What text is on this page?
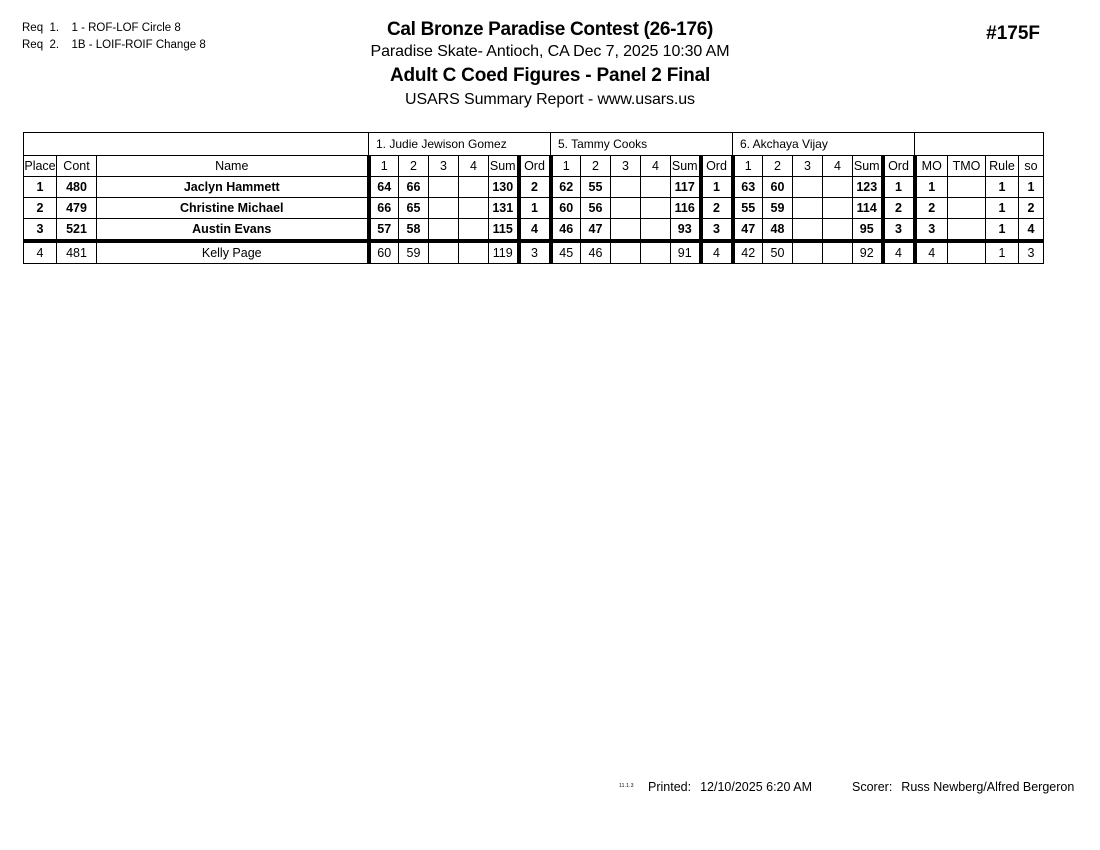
Req 1. 1 - ROF-LOF Circle 8
Req 2. 1B - LOIF-ROIF Change 8
Cal Bronze Paradise Contest (26-176)
Paradise Skate- Antioch, CA Dec 7, 2025 10:30 AM
Adult C Coed Figures - Panel 2 Final
USARS Summary Report - www.usars.us
#175F
			1. Judie Jewison Gomez						5. Tammy Cooks						6. Akchaya Vijay									
Place	Cont	Name	1	2	3	4	Sum	Ord	1	2	3	4	Sum	Ord	1	2	3	4	Sum	Ord	MO	TMO	Rule	so
1	480	Jaclyn Hammett	64	66			130	2	62	55			117	1	63	60			123	1	1		1	1
2	479	Christine Michael	66	65			131	1	60	56			116	2	55	59			114	2	2		1	2
3	521	Austin Evans	57	58			115	4	46	47			93	3	47	48			95	3	3		1	4
4	481	Kelly Page	60	59			119	3	45	46			91	4	42	50			92	4	4		1	3
11.1.3 Printed: 12/10/2025 6:20 AM	Scorer: Russ Newberg/Alfred Bergeron
